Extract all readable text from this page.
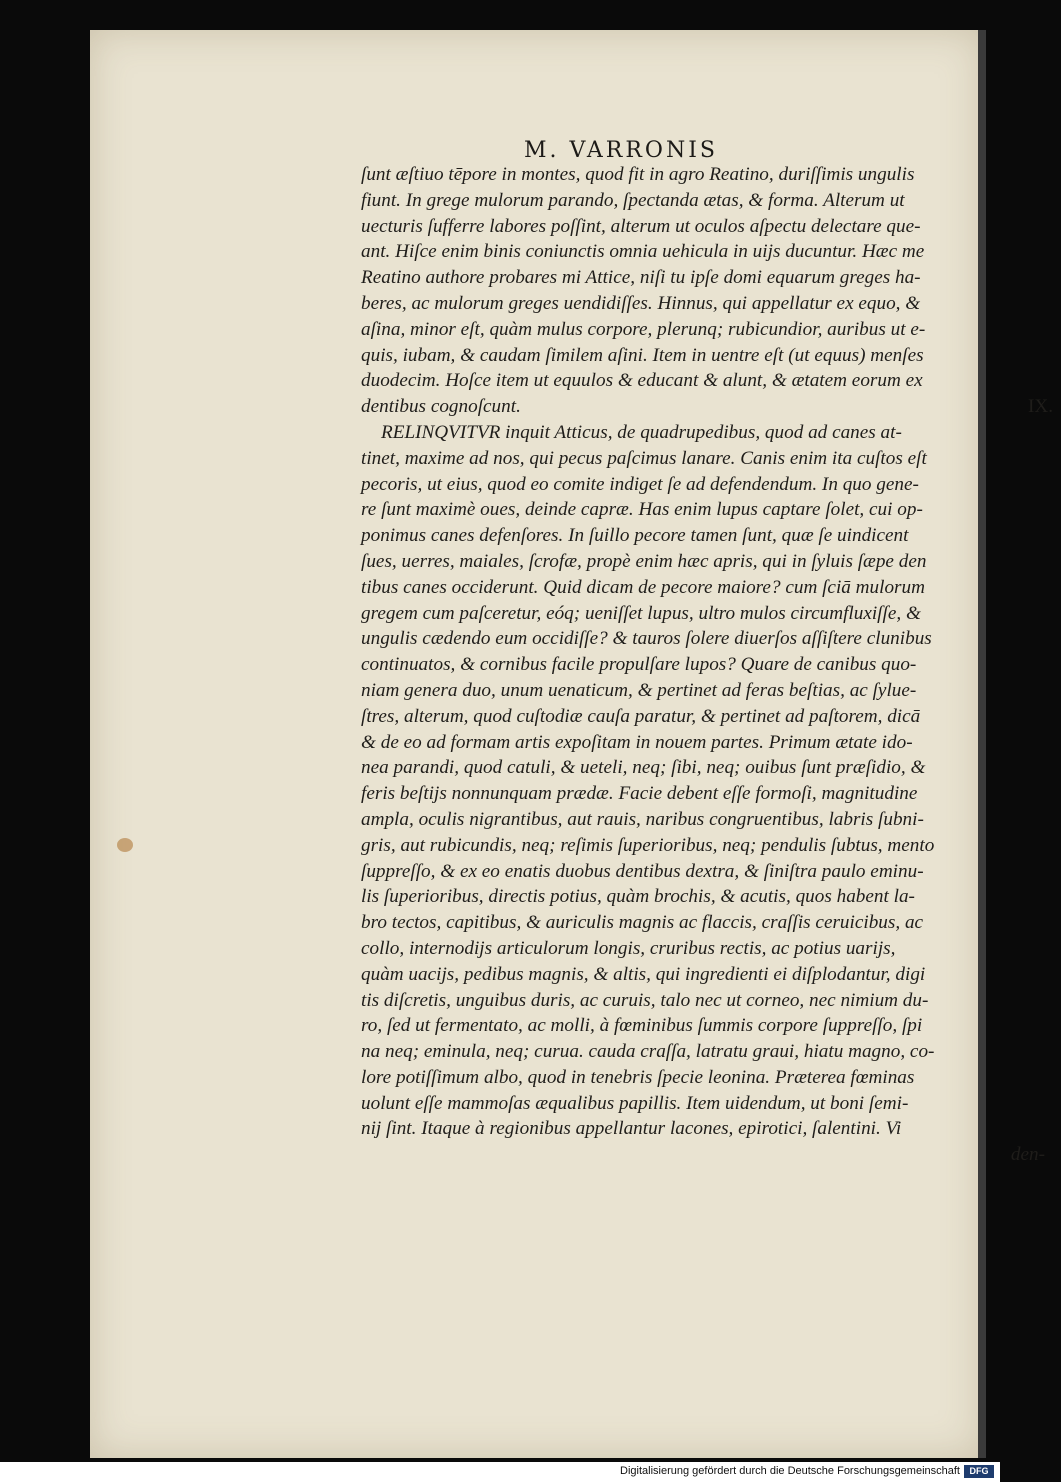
M. VARRONIS
ſunt æſtiuo tēpore in montes, quod fit in agro Reatino, duriſſimis ungulis
fiunt. In grege mulorum parando, ſpectanda ætas, & forma. Alterum ut
uecturis ſufferre labores poſſint, alterum ut oculos aſpectu delectare que-
ant. Hiſce enim binis coniunctis omnia uehicula in uijs ducuntur. Hæc me
Reatino authore probares mi Attice, niſi tu ipſe domi equarum greges ha-
beres, ac mulorum greges uendidiſſes. Hinnus, qui appellatur ex equo, &
aſina, minor eſt, quàm mulus corpore, plerunq; rubicundior, auribus ut e-
quis, iubam, & caudam ſimilem aſini. Item in uentre eſt (ut equus) menſes
duodecim. Hoſce item ut equulos & educant & alunt, & ætatem eorum ex
dentibus cognoſcunt.	IX.
RELINQVITVR inquit Atticus, de quadrupedibus, quod ad canes at-
tinet, maxime ad nos, qui pecus paſcimus lanare. Canis enim ita cuſtos eſt
pecoris, ut eius, quod eo comite indiget ſe ad defendendum. In quo gene-
re ſunt maximè oues, deinde capræ. Has enim lupus captare ſolet, cui op-
ponimus canes defenſores. In ſuillo pecore tamen ſunt, quæ ſe uindicent
ſues, uerres, maiales, ſcrofæ, propè enim hæc apris, qui in ſyluis ſæpe den
tibus canes occiderunt. Quid dicam de pecore maiore? cum ſciā mulorum
gregem cum paſceretur, eóq; ueniſſet lupus, ultro mulos circumfluxiſſe, &
ungulis cædendo eum occidiſſe? & tauros ſolere diuerſos aſſiſtere clunibus
continuatos, & cornibus facile propulſare lupos? Quare de canibus quo-
niam genera duo, unum uenaticum, & pertinet ad feras beſtias, ac ſylue-
ſtres, alterum, quod cuſtodiæ cauſa paratur, & pertinet ad paſtorem, dicā
& de eo ad formam artis expoſitam in nouem partes. Primum ætate ido-
nea parandi, quod catuli, & ueteli, neq; ſibi, neq; ouibus ſunt præſidio, &
feris beſtijs nonnunquam prædæ. Facie debent eſſe formoſi, magnitudine
ampla, oculis nigrantibus, aut rauis, naribus congruentibus, labris ſubni-
gris, aut rubicundis, neq; reſimis ſuperioribus, neq; pendulis ſubtus, mento
ſuppreſſo, & ex eo enatis duobus dentibus dextra, & ſiniſtra paulo eminu-
lis ſuperioribus, directis potius, quàm brochis, & acutis, quos habent la-
bro tectos, capitibus, & auriculis magnis ac flaccis, craſſis ceruicibus, ac
collo, internodijs articulorum longis, cruribus rectis, ac potius uarijs,
quàm uacijs, pedibus magnis, & altis, qui ingredienti ei diſplodantur, digi
tis diſcretis, unguibus duris, ac curuis, talo nec ut corneo, nec nimium du-
ro, ſed ut fermentato, ac molli, à fœminibus ſummis corpore ſuppreſſo, ſpi
na neq; eminula, neq; curua. cauda craſſa, latratu graui, hiatu magno, co-
lore potiſſimum albo, quod in tenebris ſpecie leonina. Præterea fœminas
uolunt eſſe mammoſas æqualibus papillis. Item uidendum, ut boni ſemi-
nij ſint. Itaque à regionibus appellantur lacones, epirotici, ſalentini. Vi
den-
Digitalisierung gefördert durch die Deutsche Forschungsgemeinschaft	DFG
